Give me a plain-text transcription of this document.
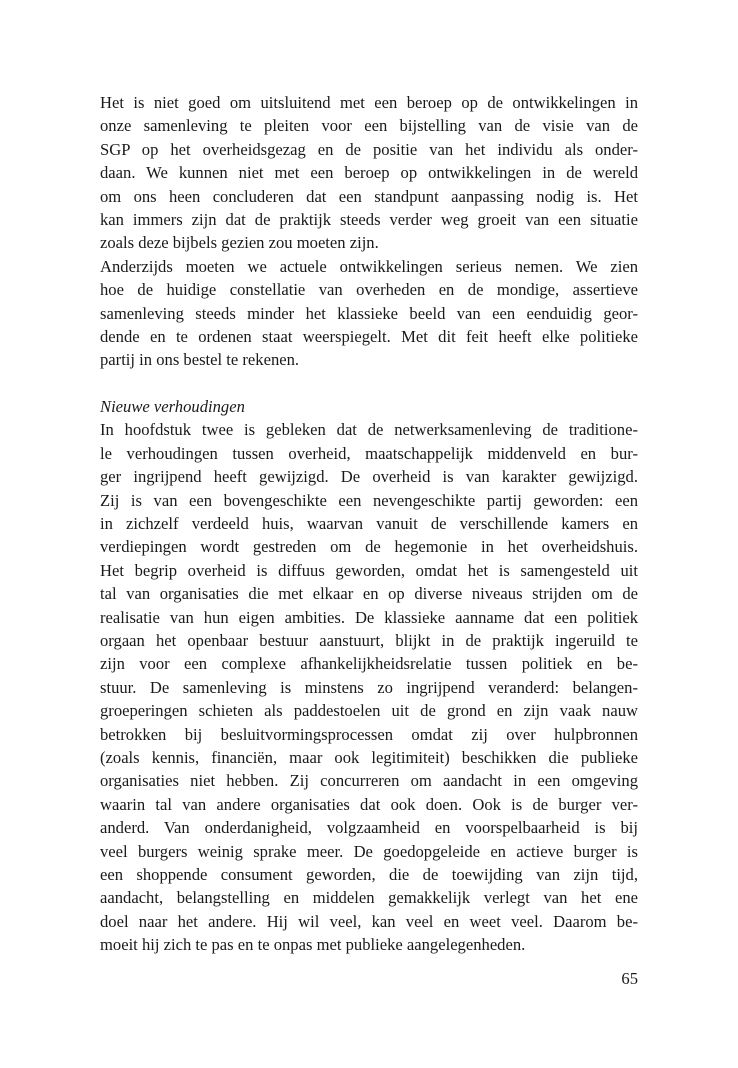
Het is niet goed om uitsluitend met een beroep op de ontwikkelingen in
onze samenleving te pleiten voor een bijstelling van de visie van de
SGP op het overheidsgezag en de positie van het individu als onder-
daan. We kunnen niet met een beroep op ontwikkelingen in de wereld
om ons heen concluderen dat een standpunt aanpassing nodig is. Het
kan immers zijn dat de praktijk steeds verder weg groeit van een situatie
zoals deze bijbels gezien zou moeten zijn.
Anderzijds moeten we actuele ontwikkelingen serieus nemen. We zien
hoe de huidige constellatie van overheden en de mondige, assertieve
samenleving steeds minder het klassieke beeld van een eenduidig geor-
dende en te ordenen staat weerspiegelt. Met dit feit heeft elke politieke
partij in ons bestel te rekenen.
Nieuwe verhoudingen
In hoofdstuk twee is gebleken dat de netwerksamenleving de traditione-
le verhoudingen tussen overheid, maatschappelijk middenveld en bur-
ger ingrijpend heeft gewijzigd. De overheid is van karakter gewijzigd.
Zij is van een bovengeschikte een nevengeschikte partij geworden: een
in zichzelf verdeeld huis, waarvan vanuit de verschillende kamers en
verdiepingen wordt gestreden om de hegemonie in het overheidshuis.
Het begrip overheid is diffuus geworden, omdat het is samengesteld uit
tal van organisaties die met elkaar en op diverse niveaus strijden om de
realisatie van hun eigen ambities. De klassieke aanname dat een politiek
orgaan het openbaar bestuur aanstuurt, blijkt in de praktijk ingeruild te
zijn voor een complexe afhankelijkheidsrelatie tussen politiek en be-
stuur. De samenleving is minstens zo ingrijpend veranderd: belangen-
groeperingen schieten als paddestoelen uit de grond en zijn vaak nauw
betrokken bij besluitvormingsprocessen omdat zij over hulpbronnen
(zoals kennis, financiën, maar ook legitimiteit) beschikken die publieke
organisaties niet hebben. Zij concurreren om aandacht in een omgeving
waarin tal van andere organisaties dat ook doen. Ook is de burger ver-
anderd. Van onderdanigheid, volgzaamheid en voorspelbaarheid is bij
veel burgers weinig sprake meer. De goedopgeleide en actieve burger is
een shoppende consument geworden, die de toewijding van zijn tijd,
aandacht, belangstelling en middelen gemakkelijk verlegt van het ene
doel naar het andere. Hij wil veel, kan veel en weet veel. Daarom be-
moeit hij zich te pas en te onpas met publieke aangelegenheden.
65
